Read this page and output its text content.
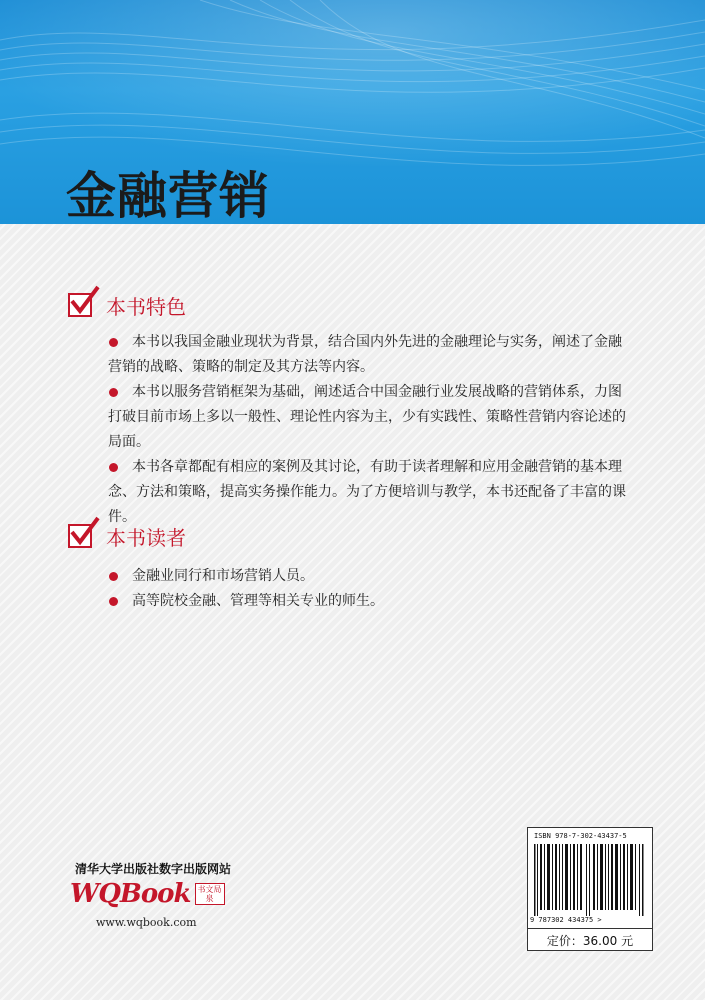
金融营销
本书特色
本书以我国金融业现状为背景，结合国内外先进的金融理论与实务，阐述了金融营销的战略、策略的制定及其方法等内容。
本书以服务营销框架为基础，阐述适合中国金融行业发展战略的营销体系，力图打破目前市场上多以一般性、理论性内容为主，少有实践性、策略性营销内容论述的局面。
本书各章都配有相应的案例及其讨论，有助于读者理解和应用金融营销的基本理念、方法和策略，提高实务操作能力。为了方便培训与教学，本书还配备了丰富的课件。
本书读者
金融业同行和市场营销人员。
高等院校金融、管理等相关专业的师生。
清华大学出版社数字出版网站
WQBook 书文局泉
www.wqbook.com
ISBN 978-7-302-43437-5
9 787302 434375 >
定价：36.00 元
